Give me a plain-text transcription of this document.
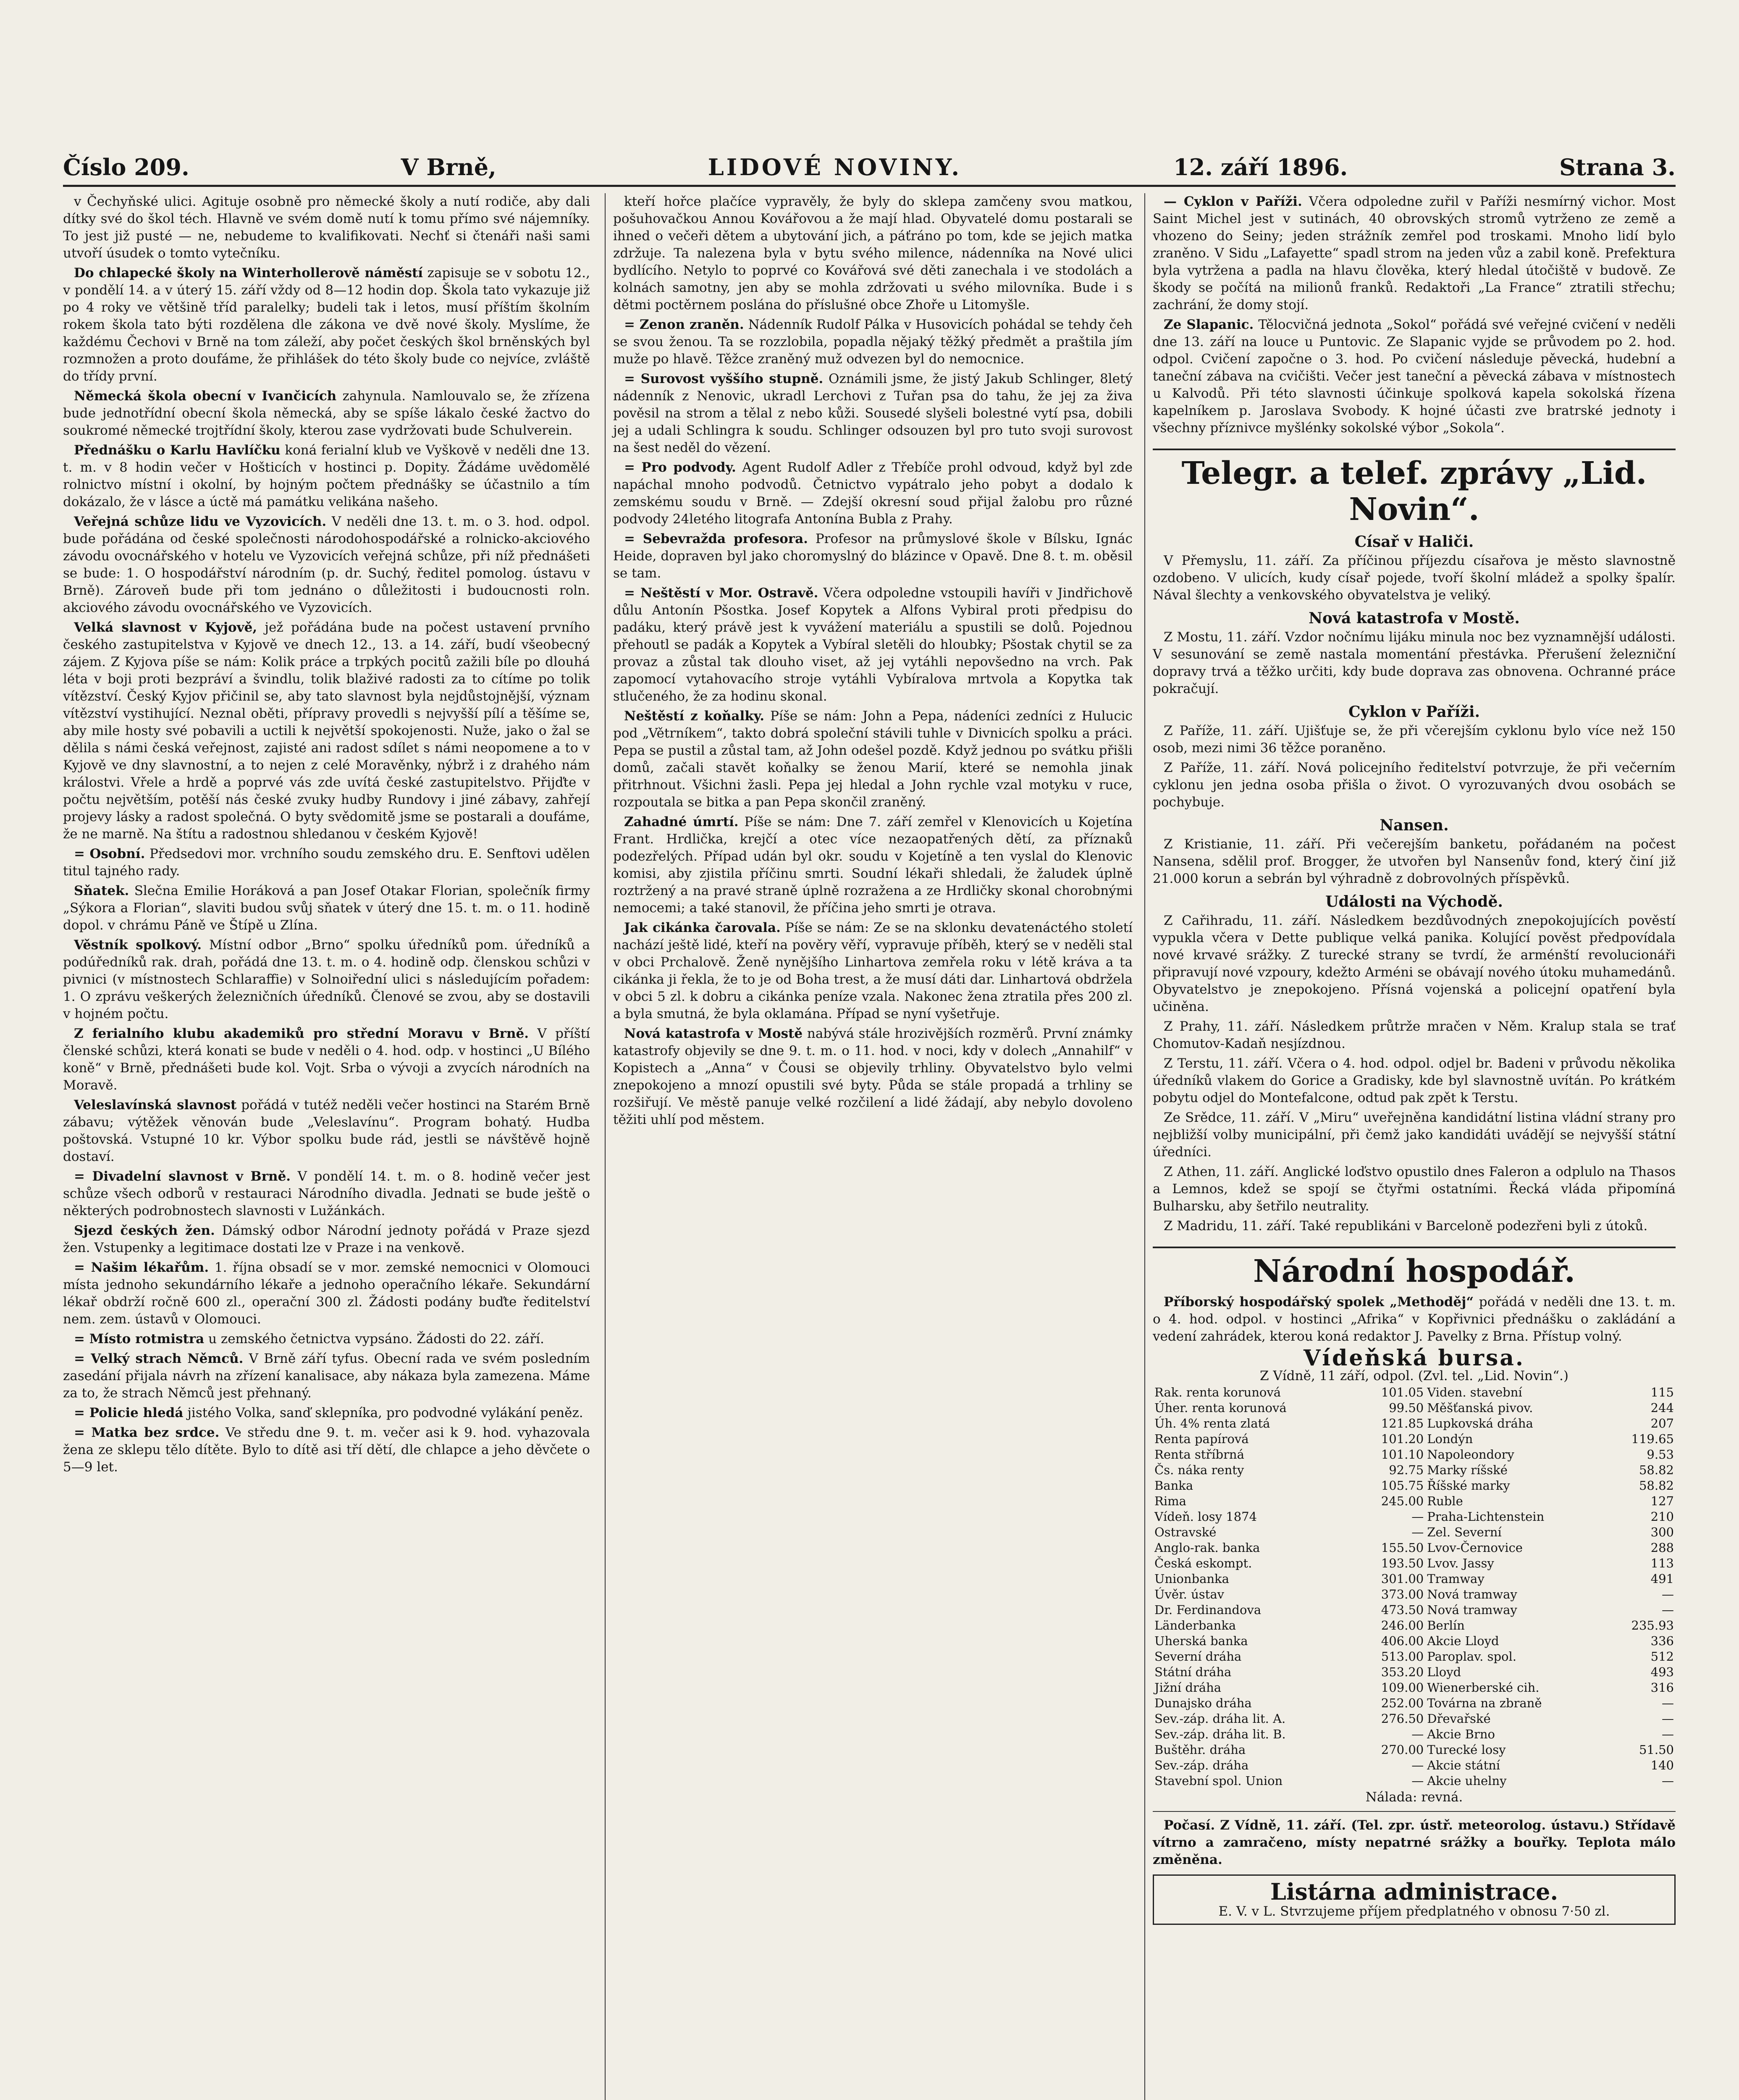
Číslo 209.	V Brně,	LIDOVÉ NOVINY.	12. září 1896.	Strana 3.

v Čechyňské ulici. Agituje osobně pro německé školy a nutí rodiče, aby dali dítky své do škol téch. Hlavně ve svém domě nutí k tomu přímo své nájemníky. To jest již pusté — ne, nebudeme to kvalifikovati. Nechť si čtenáři naši sami utvoří úsudek o tomto vytečníku.

Do chlapecké školy na Winterhollerově náměstí zapisuje se v sobotu 12., v pondělí 14. a v úterý 15. září vždy od 8—12 hodin dop. Škola tato vykazuje již po 4 roky ve většině tříd paralelky; budeli tak i letos, musí příštím školním rokem škola tato býti rozdělena dle zákona ve dvě nové školy. Myslíme, že každému Čechovi v Brně na tom záleží, aby počet českých škol brněnských byl rozmnožen a proto doufáme, že přihlášek do této školy bude co nejvíce, zvláště do třídy první.

Německá škola obecní v Ivančicích zahynula. Namlouvalo se, že zřízena bude jednotřídní obecní škola německá, aby se spíše lákalo české žactvo do soukromé německé trojtřídní školy, kterou zase vydržovati bude Schulverein.

Přednášku o Karlu Havlíčku koná ferialní klub ve Vyškově v neděli dne 13. t. m. v 8 hodin večer v Hošticích v hostinci p. Dopity. Žádáme uvědomělé rolnictvo místní i okolní, by hojným počtem přednášky se účastnilo a tím dokázalo, že v lásce a úctě má památku velikána našeho.

Veřejná schůze lidu ve Vyzovicích. V neděli dne 13. t. m. o 3. hod. odpol. bude pořádána od české společnosti národohospodářské a rolnicko-akciového závodu ovocnářského v hotelu ve Vyzovicích veřejná schůze, při níž přednášeti se bude: 1. O hospodářství národním (p. dr. Suchý, ředitel pomolog. ústavu v Brně). Zároveň bude při tom jednáno o důležitosti i budoucnosti roln. akciového závodu ovocnářského ve Vyzovicích.

Velká slavnost v Kyjově, jež pořádána bude na počest ustavení prvního českého zastupitelstva v Kyjově ve dnech 12., 13. a 14. září, budí všeobecný zájem. Z Kyjova píše se nám: Kolik práce a trpkých pocitů zažili bíle po dlouhá léta v boji proti bezpráví a švindlu, tolik blaživé radosti za to cítíme po tolik vítězství. Český Kyjov přičinil se, aby tato slavnost byla nejdůstojnější, význam vítězství vystihující. Neznal oběti, přípravy provedli s nejvyšší pílí a těšíme se, aby mile hosty své pobavili a uctili k největší spokojenosti. Nuže, jako o žal se dělila s námi česká veřejnost, zajisté ani radost sdílet s námi neopomene a to v Kyjově ve dny slavnostní, a to nejen z celé Moravěnky, nýbrž i z drahého nám králostvi. Vřele a hrdě a poprvé vás zde uvítá české zastupitelstvo. Přijďte v počtu největším, potěší nás české zvuky hudby Rundovy i jiné zábavy, zahřejí projevy lásky a radost společná. O byty svědomitě jsme se postarali a doufáme, že ne marně. Na štítu a radostnou shledanou v českém Kyjově!

= Osobní. Předsedovi mor. vrchního soudu zemského dru. E. Senftovi udělen titul tajného rady.

Sňatek. Slečna Emilie Horáková a pan Josef Otakar Florian, společník firmy „Sýkora a Florian“, slaviti budou svůj sňatek v úterý dne 15. t. m. o 11. hodině dopol. v chrámu Páně ve Štípě u Zlína.

Věstník spolkový. Místní odbor „Brno“ spolku úředníků pom. úředníků a podúředníků rak. drah, pořádá dne 13. t. m. o 4. hodině odp. členskou schůzi v pivnici (v místnostech Schlaraffie) v Solnoiřední ulici s následujícím pořadem: 1. O zprávu veškerých železničních úředníků. Členové se zvou, aby se dostavili v hojném počtu.

Z ferialního klubu akademiků pro střední Moravu v Brně. V příští členské schůzi, která konati se bude v neděli o 4. hod. odp. v hostinci „U Bílého koně“ v Brně, přednášeti bude kol. Vojt. Srba o vývoji a zvycích národních na Moravě.

Veleslavínská slavnost pořádá v tutéž neděli večer hostinci na Starém Brně zábavu; výtěžek věnován bude „Veleslavínu“. Program bohatý. Hudba poštovská. Vstupné 10 kr. Výbor spolku bude rád, jestli se návštěvě hojně dostaví.

= Divadelní slavnost v Brně. V pondělí 14. t. m. o 8. hodině večer jest schůze všech odborů v restauraci Národního divadla. Jednati se bude ještě o některých podrobnostech slavnosti v Lužánkách.

Sjezd českých žen. Dámský odbor Národní jednoty pořádá v Praze sjezd žen. Vstupenky a legitimace dostati lze v Praze i na venkově.

= Našim lékařům. 1. října obsadí se v mor. zemské nemocnici v Olomouci místa jednoho sekundárního lékaře a jednoho operačního lékaře. Sekundární lékař obdrží ročně 600 zl., operační 300 zl. Žádosti podány buďte ředitelství nem. zem. ústavů v Olomouci.

= Místo rotmistra u zemského četnictva vypsáno. Žádosti do 22. září.

= Velký strach Němců. V Brně září tyfus. Obecní rada ve svém posledním zasedání přijala návrh na zřízení kanalisace, aby nákaza byla zamezena. Máme za to, že strach Němců jest přehnaný.

= Policie hledá jistého Volka, sanď sklepníka, pro podvodné vylákání peněz.

= Matka bez srdce. Ve středu dne 9. t. m. večer asi k 9. hod. vyhazovala žena ze sklepu tělo dítěte. Bylo to dítě asi tří dětí, dle chlapce a jeho děvčete o 5—9 let.

kteří hořce plačíce vypravěly, že byly do sklepa zamčeny svou matkou, pošuhovačkou Annou Kovářovou a že mají hlad. Obyvatelé domu postarali se ihned o večeři dětem a ubytování jich, a páťráno po tom, kde se jejich matka zdržuje. Ta nalezena byla v bytu svého milence, nádenníka na Nové ulici bydlícího. Netylo to poprvé co Kovářová své děti zanechala i ve stodolách a kolnách samotny, jen aby se mohla zdržovati u svého milovníka. Bude i s dětmi poctěrnem poslána do příslušné obce Zhoře u Litomyšle.

= Zenon zraněn. Nádenník Rudolf Pálka v Husovicích pohádal se tehdy čeh se svou ženou. Ta se rozzlobila, popadla nějaký těžký předmět a praštila jím muže po hlavě. Těžce zraněný muž odvezen byl do nemocnice.

= Surovost vyššího stupně. Oznámili jsme, že jistý Jakub Schlinger, 8letý nádenník z Nenovic, ukradl Lerchovi z Tuřan psa do tahu, že jej za živa pověsil na strom a tělal z nebo kůži. Sousedé slyšeli bolestné vytí psa, dobili jej a udali Schlingra k soudu. Schlinger odsouzen byl pro tuto svoji surovost na šest neděl do vězení.

= Pro podvody. Agent Rudolf Adler z Třebíče prohl odvoud, když byl zde napáchal mnoho podvodů. Četnictvo vypátralo jeho pobyt a dodalo k zemskému soudu v Brně. — Zdejší okresní soud přijal žalobu pro různé podvody 24letého litografa Antonína Bubla z Prahy.

= Sebevražda profesora. Profesor na průmyslové škole v Bílsku, Ignác Heide, dopraven byl jako choromyslný do blázince v Opavě. Dne 8. t. m. oběsil se tam.

= Neštěstí v Mor. Ostravě. Včera odpoledne vstoupili havíři v Jindřichově důlu Antonín Pšostka. Josef Kopytek a Alfons Vybiral proti předpisu do padáku, který právě jest k vyvážení materiálu a spustili se dolů. Pojednou přehoutl se padák a Kopytek a Vybíral sletěli do hloubky; Pšostak chytil se za provaz a zůstal tak dlouho viset, až jej vytáhli nepovšedno na vrch. Pak zapomocí vytahovacího stroje vytáhli Vybíralova mrtvola a Kopytka tak stlučeného, že za hodinu skonal.

Neštěstí z koňalky. Píše se nám: John a Pepa, nádeníci zedníci z Hulucic pod „Větrníkem“, takto dobrá společní stávili tuhle v Divnicích spolku a práci. Pepa se pustil a zůstal tam, až John odešel pozdě. Když jednou po svátku přišli domů, začali stavět koňalky se ženou Marií, které se nemohla jinak přitrhnout. Všichni žasli. Pepa jej hledal a John rychle vzal motyku v ruce, rozpoutala se bitka a pan Pepa skončil zraněný.

Zahadné úmrtí. Píše se nám: Dne 7. září zemřel v Klenovicích u Kojetína Frant. Hrdlička, krejčí a otec více nezaopatřených dětí, za příznaků podezřelých. Případ udán byl okr. soudu v Kojetíně a ten vyslal do Klenovic komisi, aby zjistila příčinu smrti. Soudní lékaři shledali, že žaludek úplně roztržený a na pravé straně úplně rozražena a ze Hrdličky skonal chorobnými nemocemi; a také stanovil, že příčina jeho smrti je otrava.

Jak cikánka čarovala. Píše se nám: Ze se na sklonku devatenáctého století nachází ještě lidé, kteří na pověry věří, vypravuje příběh, který se v neděli stal v obci Prchalově. Ženě nynějšího Linhartova zemřela roku v létě kráva a ta cikánka ji řekla, že to je od Boha trest, a že musí dáti dar. Linhartová obdržela v obci 5 zl. k dobru a cikánka peníze vzala. Nakonec žena ztratila přes 200 zl. a byla smutná, že byla oklamána. Případ se nyní vyšetřuje.

Nová katastrofa v Mostě nabývá stále hrozivějších rozměrů. První známky katastrofy objevily se dne 9. t. m. o 11. hod. v noci, kdy v dolech „Annahilf“ v Kopistech a „Anna“ v Čousi se objevily trhliny. Obyvatelstvo bylo velmi znepokojeno a mnozí opustili své byty. Půda se stále propadá a trhliny se rozšiřují. Ve městě panuje velké rozčilení a lidé žádají, aby nebylo dovoleno těžiti uhlí pod městem.

— Cyklon v Paříži. Včera odpoledne zuřil v Paříži nesmírný vichor. Most Saint Michel jest v sutinách, 40 obrovských stromů vytrženo ze země a vhozeno do Seiny; jeden strážník zemřel pod troskami. Mnoho lidí bylo zraněno. V Sidu „Lafayette“ spadl strom na jeden vůz a zabil koně. Prefektura byla vytržena a padla na hlavu člověka, který hledal útočiště v budově. Ze škody se počítá na milionů franků. Redaktoři „La France“ ztratili střechu; zachrání, že domy stojí.

Ze Slapanic. Tělocvičná jednota „Sokol“ pořádá své veřejné cvičení v neděli dne 13. září na louce u Puntovic. Ze Slapanic vyjde se průvodem po 2. hod. odpol. Cvičení započne o 3. hod. Po cvičení následuje pěvecká, hudební a taneční zábava na cvičišti. Večer jest taneční a pěvecká zábava v místnostech u Kalvodů. Při této slavnosti účinkuje spolková kapela sokolská řízena kapelníkem p. Jaroslava Svobody. K hojné účasti zve bratrské jednoty i všechny příznivce myšlénky sokolské výbor „Sokola“.

Telegr. a telef. zprávy „Lid. Novin“.
Císař v Haliči.

V Přemyslu, 11. září. Za příčinou příjezdu císařova je město slavnostně ozdobeno. V ulicích, kudy císař pojede, tvoří školní mládež a spolky špalír. Nával šlechty a venkovského obyvatelstva je veliký.

Nová katastrofa v Mostě.

Z Mostu, 11. září. Vzdor nočnímu lijáku minula noc bez vyznamnější události. V sesunování se země nastala momentání přestávka. Přerušení železniční dopravy trvá a těžko určiti, kdy bude doprava zas obnovena. Ochranné práce pokračují.

Cyklon v Paříži.

Z Paříže, 11. září. Ujišťuje se, že při včerejším cyklonu bylo více než 150 osob, mezi nimi 36 těžce poraněno.

Z Paříže, 11. září. Nová policejního ředitelství potvrzuje, že při večerním cyklonu jen jedna osoba přišla o život. O vyrozuvaných dvou osobách se pochybuje.

Nansen.

Z Kristianie, 11. září. Při večerejším banketu, pořádaném na počest Nansena, sdělil prof. Brogger, že utvořen byl Nansenův fond, který činí již 21.000 korun a sebrán byl výhradně z dobrovolných příspěvků.

Události na Východě.

Z Cařihradu, 11. září. Následkem bezdůvodných znepokojujících pověstí vypukla včera v Dette publique velká panika. Kolující pověst předpovídala nové krvavé srážky. Z turecké strany se tvrdí, že arménští revolucionáři připravují nové vzpoury, kdežto Arméni se obávají nového útoku muhamedánů. Obyvatelstvo je znepokojeno. Přísná vojenská a policejní opatření byla učiněna.

Z Prahy, 11. září. Následkem průtrže mračen v Něm. Kralup stala se trať Chomutov-Kadaň nesjízdnou.

Z Terstu, 11. září. Včera o 4. hod. odpol. odjel br. Badeni v průvodu několika úředníků vlakem do Gorice a Gradisky, kde byl slavnostně uvítán. Po krátkém pobytu odjel do Montefalcone, odtud pak zpět k Terstu.

Ze Srědce, 11. září. V „Miru“ uveřejněna kandidátní listina vládní strany pro nejbližší volby municipální, při čemž jako kandidáti uvádějí se nejvyšší státní úředníci.

Z Athen, 11. září. Anglické loďstvo opustilo dnes Faleron a odplulo na Thasos a Lemnos, kdež se spojí se čtyřmi ostatními. Řecká vláda připomíná Bulharsku, aby šetřilo neutrality.

Z Madridu, 11. září. Také republikáni v Barceloně podezřeni byli z útoků.

Národní hospodář.

Příborský hospodářský spolek „Methoděj“ pořádá v neděli dne 13. t. m. o 4. hod. odpol. v hostinci „Afrika“ v Kopřivnici přednášku o zakládání a vedení zahrádek, kterou koná redaktor J. Pavelky z Brna. Přístup volný.

Vídeňská bursa.
Z Vídně, 11 září, odpol. (Zvl. tel. „Lid. Novin“.)
Rak. renta korunová	101.05	Viden. stavební	115
Úher. renta korunová	99.50	Měšťanská pivov.	244
Úh. 4% renta zlatá	121.85	Lupkovská dráha	207
Renta papírová	101.20	Londýn	119.65
Renta stříbrná	101.10	Napoleondory	9.53
Čs. náka renty	92.75	Marky ríšské	58.82
Banka	105.75	Říšské marky	58.82
Rima	245.00	Ruble	127
Vídeň. losy 1874	—	Praha-Lichtenstein	210
Ostravské	—	Zel. Severní	300
Anglo-rak. banka	155.50	Lvov-Černovice	288
Česká eskompt.	193.50	Lvov. Jassy	113
Unionbanka	301.00	Tramway	491
Úvěr. ústav	373.00	Nová tramway	—
Dr. Ferdinandova	473.50	Nová tramway	—
Länderbanka	246.00	Berlín	235.93
Uherská banka	406.00	Akcie Lloyd	336
Severní dráha	513.00	Paroplav. spol.	512
Státní dráha	353.20	Lloyd	493
Jižní dráha	109.00	Wienerberské cih.	316
Dunajsko dráha	252.00	Továrna na zbraně	—
Sev.-záp. dráha lit. A.	276.50	Dřevařské	—
Sev.-záp. dráha lit. B.	—	Akcie Brno	—
Buštěhr. dráha	270.00	Turecké losy	51.50
Sev.-záp. dráha	—	Akcie státní	140
Stavební spol. Union	—	Akcie uhelny	—
Nálada: revná.

Počasí. Z Vídně, 11. září. (Tel. zpr. ústř. meteorolog. ústavu.) Střídavě vítrno a zamračeno, místy nepatrné srážky a bouřky. Teplota málo změněna.

Listárna administrace.
E. V. v L. Stvrzujeme příjem předplatného v obnosu 7·50 zl.
